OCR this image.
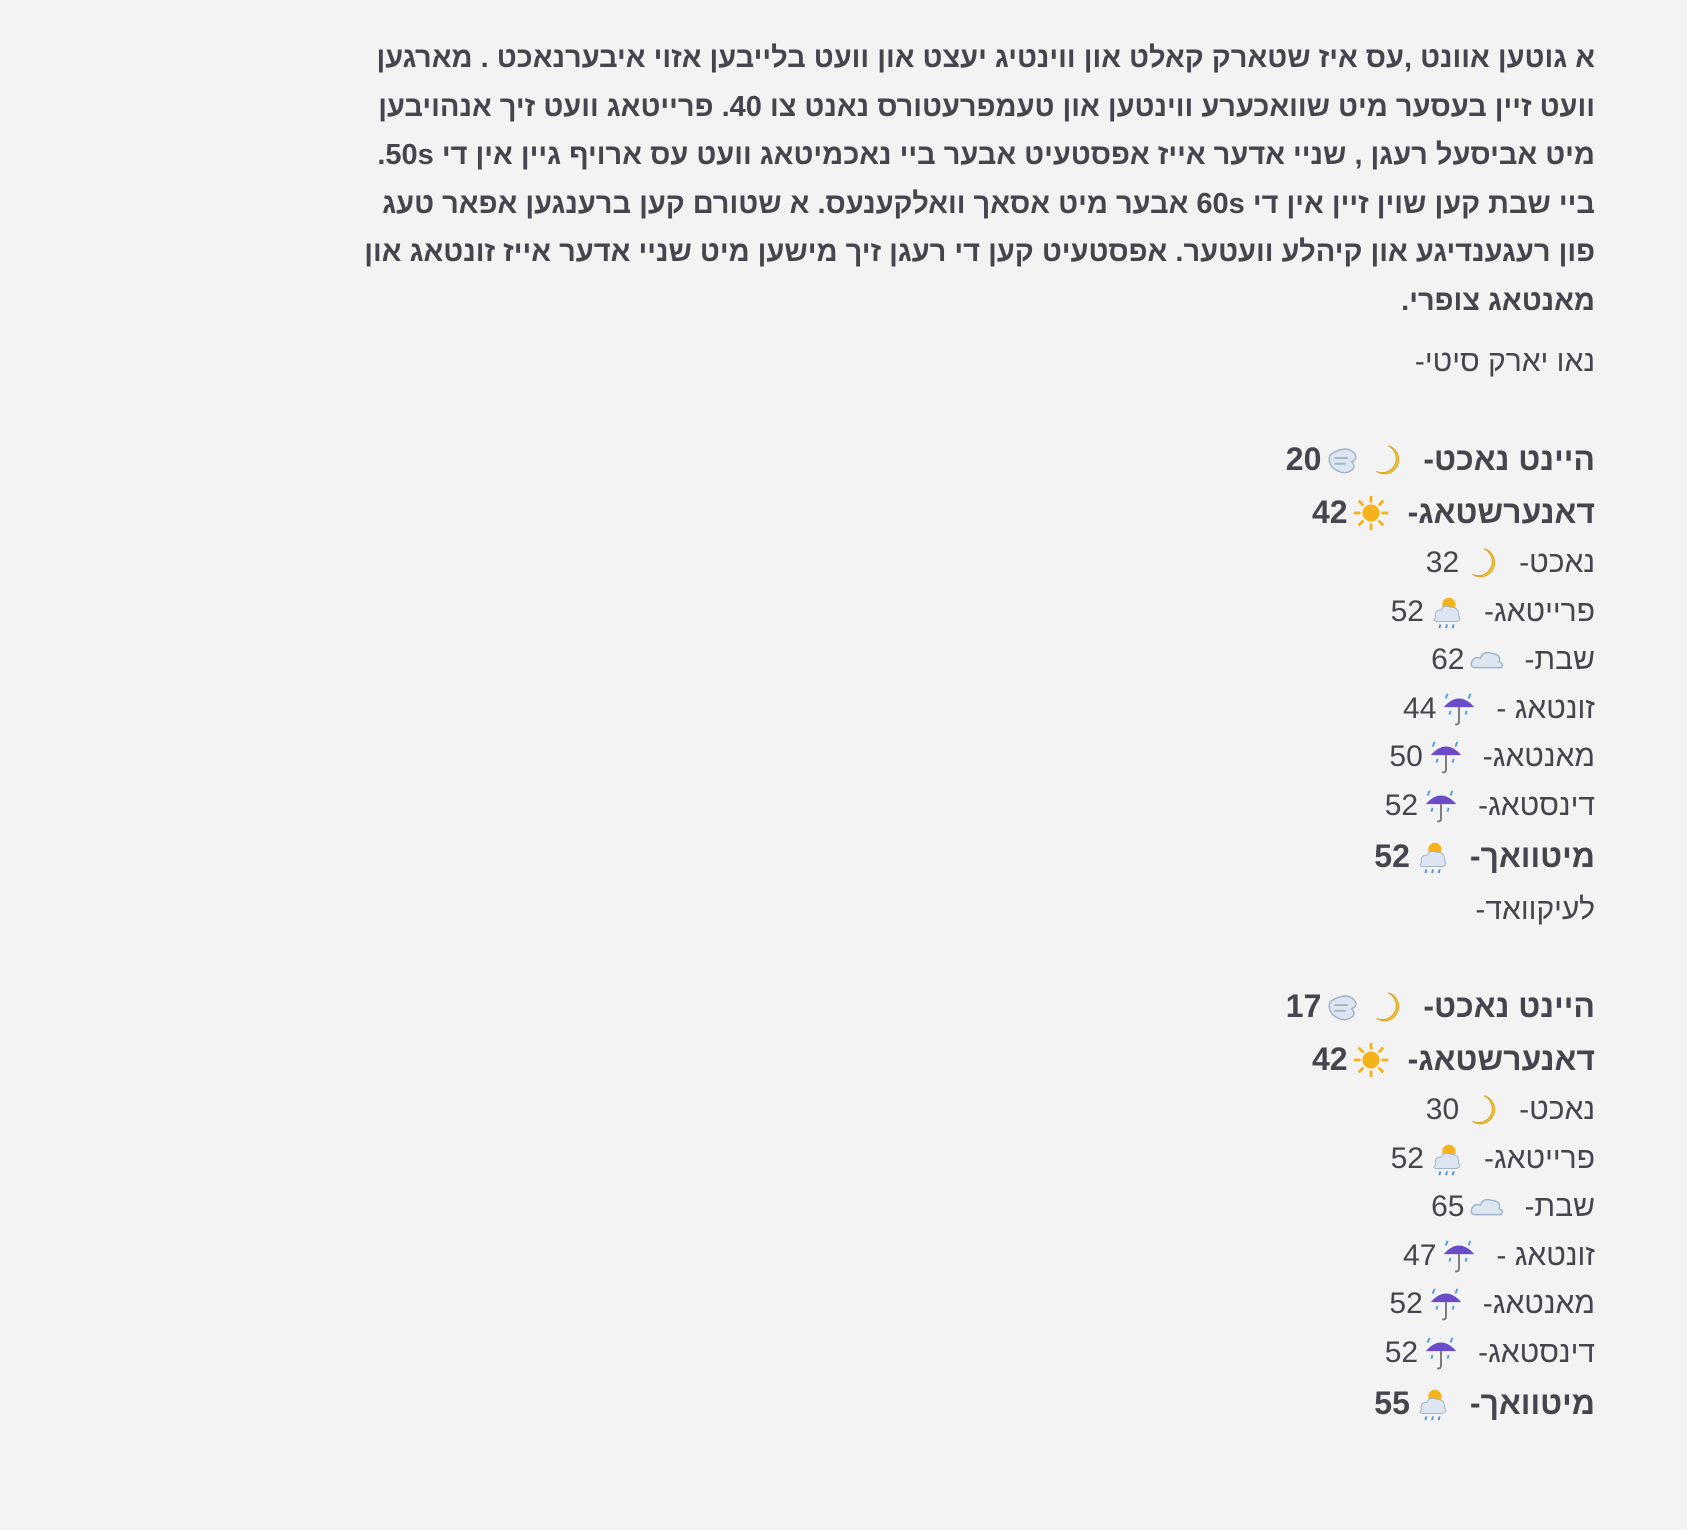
א גוטען אוונט ,עס איז שטארק קאלט און ווינטיג יעצט און וועט בלייבען אזוי איבערנאכט . מארגען
וועט זיין בעסער מיט שוואכערע ווינטען און טעמפרעטורס נאנט צו 40. פרייטאג וועט זיך אנהויבען
מיט אביסעל רעגן , שניי אדער אייז אפסטעיט אבער ביי נאכמיטאג וועט עס ארויף גיין אין די 50s.
ביי שבת קען שוין זיין אין די 60s אבער מיט אסאך וואלקענעס. א שטורם קען ברענגען אפאר טעג
פון רעגענדיגע און קיהלע וועטער. אפסטעיט קען די רעגן זיך מישען מיט שניי אדער אייז זונטאג און
מאנטאג צופרי.
נאו יארק סיטי-
היינט נאכט-
20
דאנערשטאג-
42
נאכט-
32
פרייטאג-
52
שבת-
62
זונטאג -
44
מאנטאג-
50
דינסטאג-
52
מיטוואך-
52
לעיקוואד-
היינט נאכט-
17
דאנערשטאג-
42
נאכט-
30
פרייטאג-
52
שבת-
65
זונטאג -
47
מאנטאג-
52
דינסטאג-
52
מיטוואך-
55
